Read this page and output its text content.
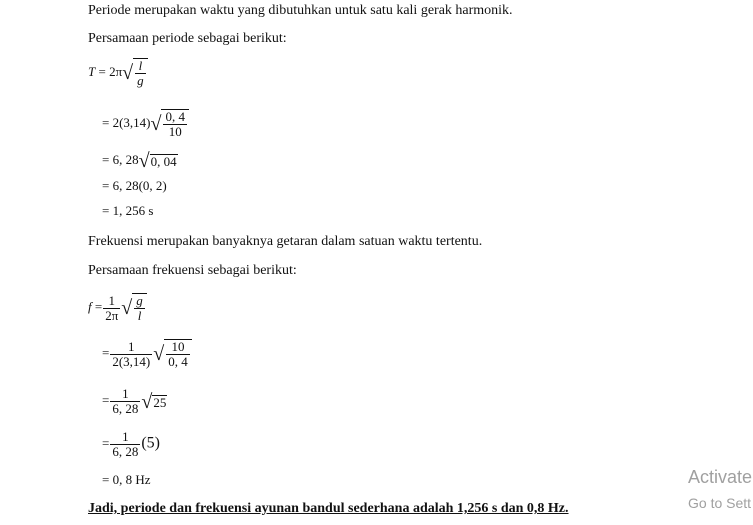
Periode merupakan waktu yang dibutuhkan untuk satu kali gerak harmonik.
Persamaan periode sebagai berikut:
$T = 2\pi√ \frac{l}{g}$
= $2(3,14)√ \frac{0, 4}{10}$
= 6, 28√0, 04
= 6, 28(0, 2)
= 1, 256 s
Frekuensi merupakan banyaknya getaran dalam satuan waktu tertentu.
Persamaan frekuensi sebagai berikut:
$f = \frac{1}{2\pi}$ √ $\frac{g}{l}$
= $\frac{1}{2(3,14)}$ √ $\frac{10}{0, 4}$
= $\frac{1}{6, 28} √25$
= $\frac{1}{6, 28} (5)$
= 0, 8 Hz
Jadi, periode dan frekuensi ayunan bandul sederhana adalah 1,256 s dan 0,8 Hz.
Activate
Go to Sett
